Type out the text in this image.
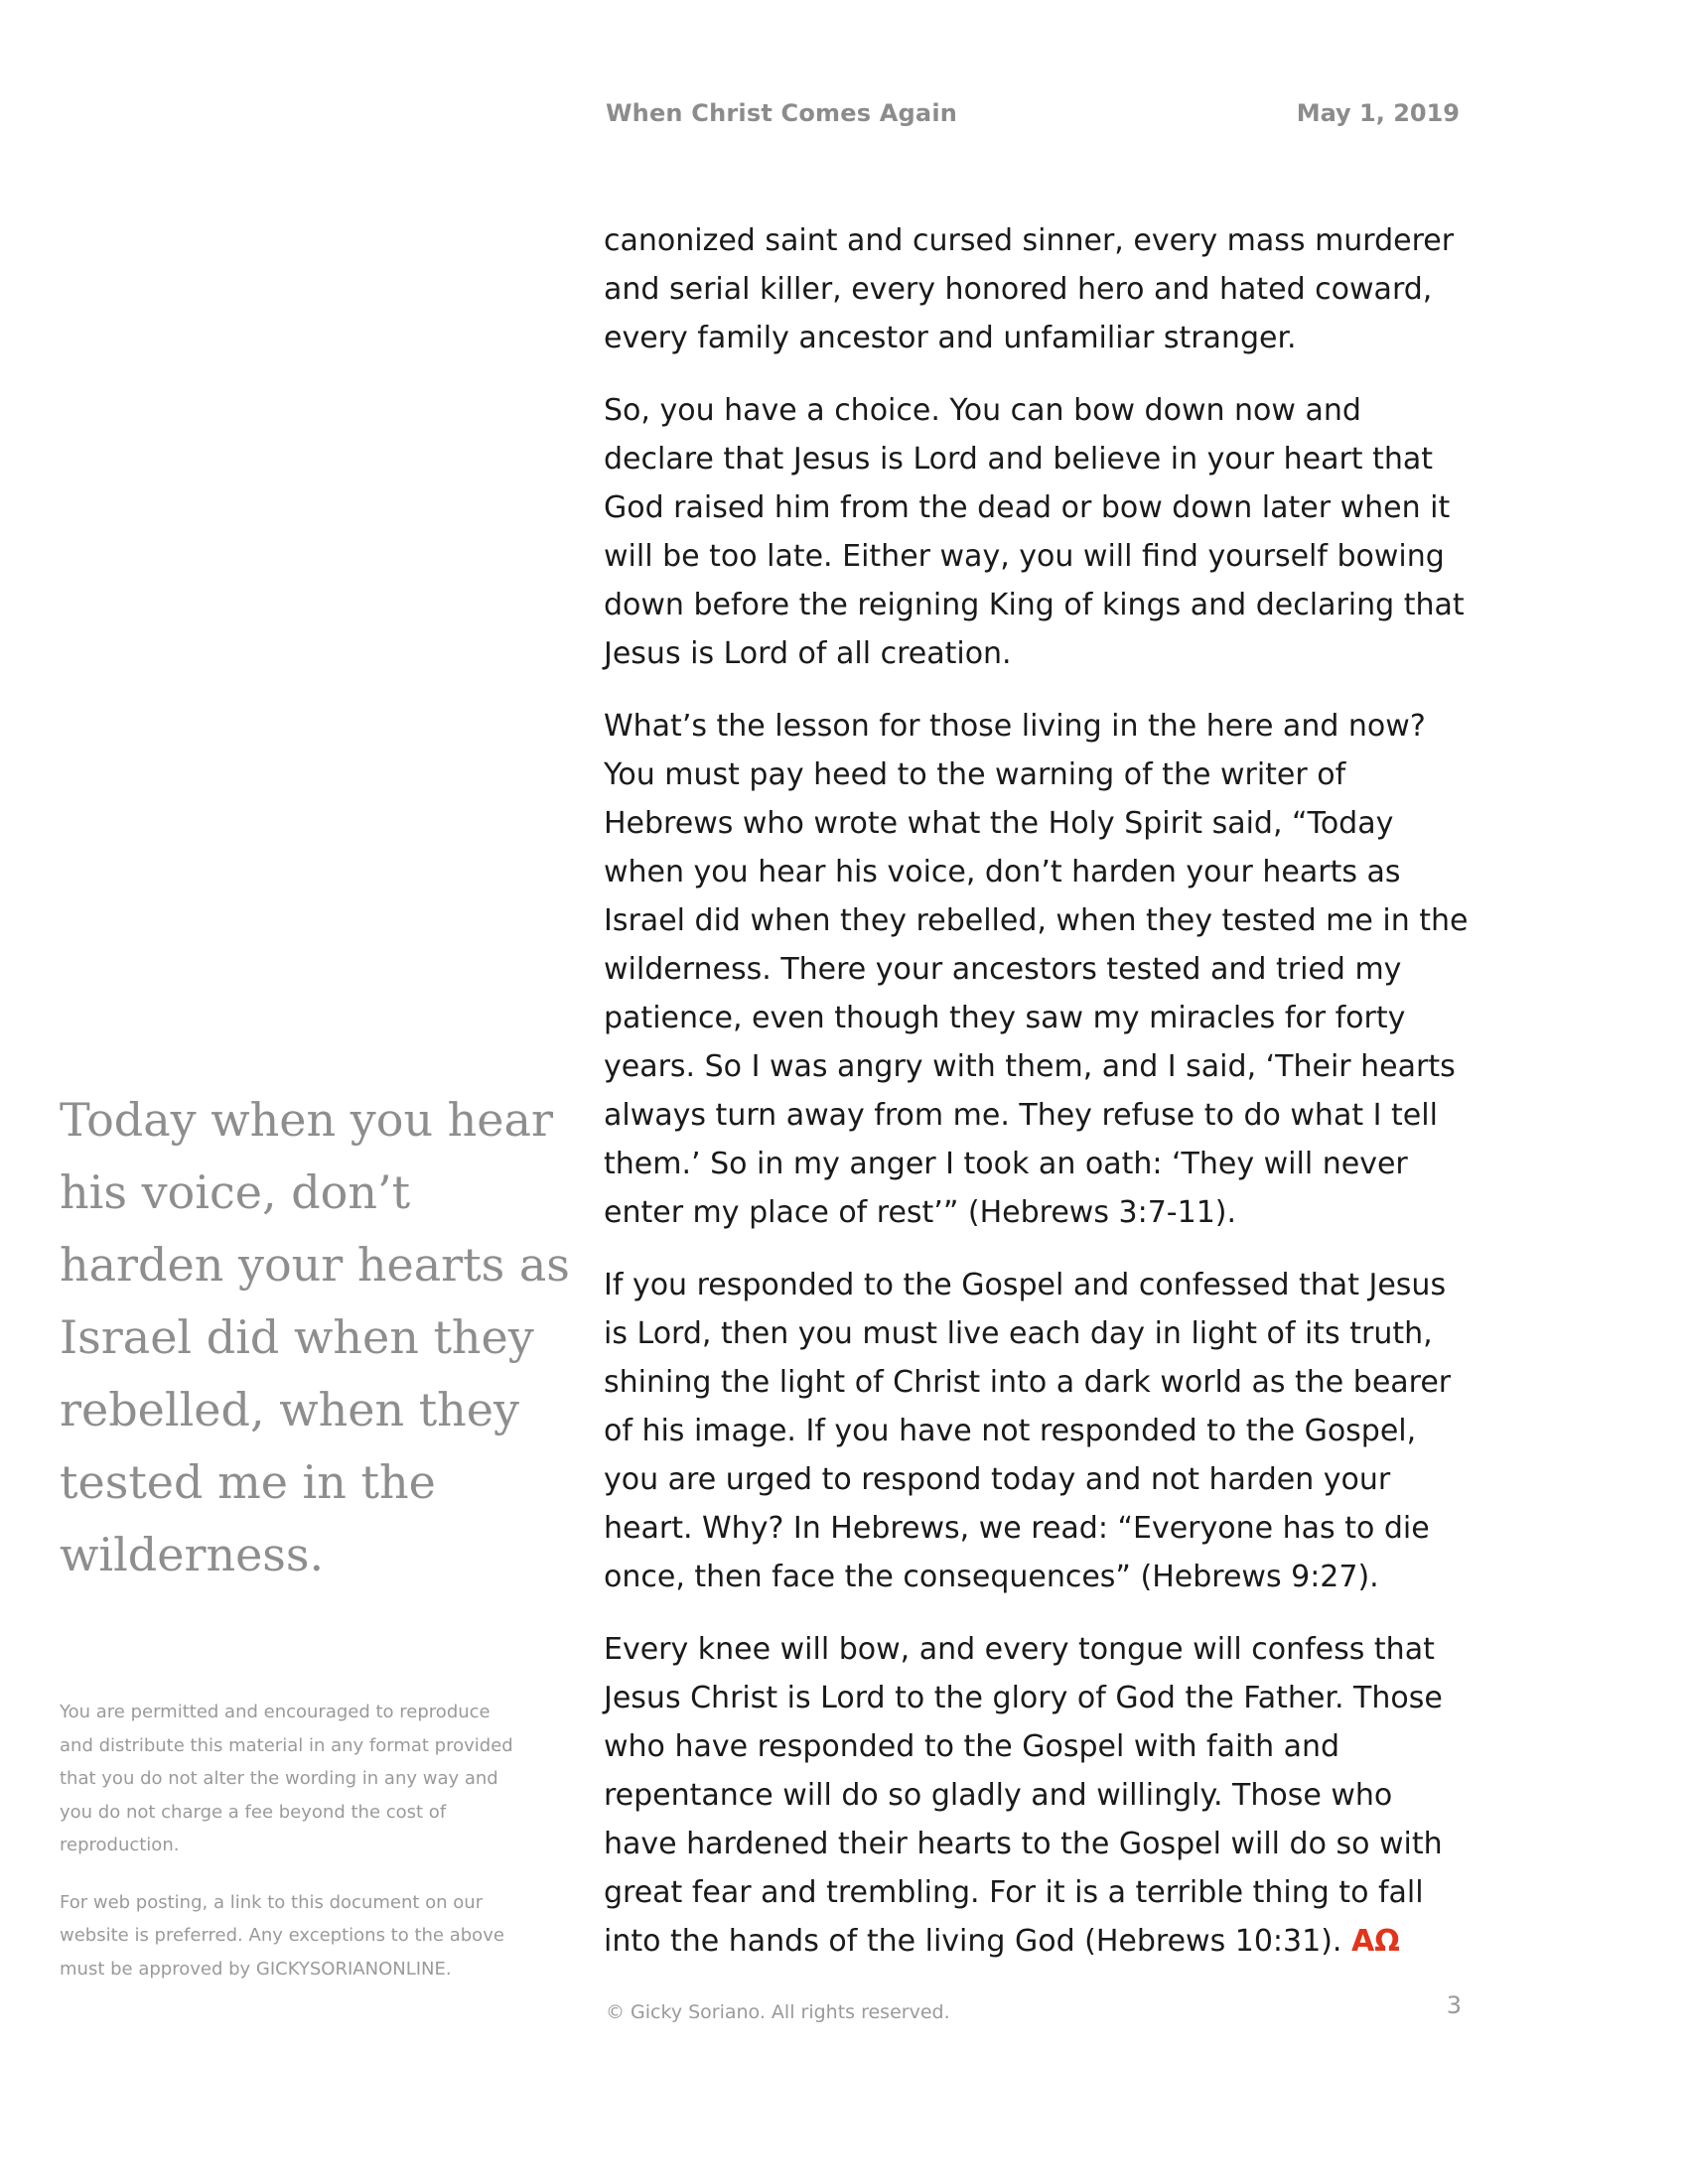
When Christ Comes Again	May 1, 2019

canonized saint and cursed sinner, every mass murderer
and serial killer, every honored hero and hated coward,
every family ancestor and unfamiliar stranger.

So, you have a choice. You can bow down now and
declare that Jesus is Lord and believe in your heart that
God raised him from the dead or bow down later when it
will be too late. Either way, you will find yourself bowing
down before the reigning King of kings and declaring that
Jesus is Lord of all creation.

What’s the lesson for those living in the here and now?
You must pay heed to the warning of the writer of
Hebrews who wrote what the Holy Spirit said, “Today
when you hear his voice, don’t harden your hearts as
Israel did when they rebelled, when they tested me in the
wilderness. There your ancestors tested and tried my
patience, even though they saw my miracles for forty
years. So I was angry with them, and I said, ‘Their hearts
always turn away from me. They refuse to do what I tell
them.’ So in my anger I took an oath: ‘They will never
enter my place of rest’” (Hebrews 3:7-11).

If you responded to the Gospel and confessed that Jesus
is Lord, then you must live each day in light of its truth,
shining the light of Christ into a dark world as the bearer
of his image. If you have not responded to the Gospel,
you are urged to respond today and not harden your
heart. Why? In Hebrews, we read: “Everyone has to die
once, then face the consequences” (Hebrews 9:27).

Every knee will bow, and every tongue will confess that
Jesus Christ is Lord to the glory of God the Father. Those
who have responded to the Gospel with faith and
repentance will do so gladly and willingly. Those who
have hardened their hearts to the Gospel will do so with
great fear and trembling. For it is a terrible thing to fall
into the hands of the living God (Hebrews 10:31). ΑΩ

Today when you hear
his voice, don’t
harden your hearts as
Israel did when they
rebelled, when they
tested me in the
wilderness.

You are permitted and encouraged to reproduce
and distribute this material in any format provided
that you do not alter the wording in any way and
you do not charge a fee beyond the cost of
reproduction.

For web posting, a link to this document on our
website is preferred. Any exceptions to the above
must be approved by GICKYSORIANONLINE.

© Gicky Soriano. All rights reserved.	3
